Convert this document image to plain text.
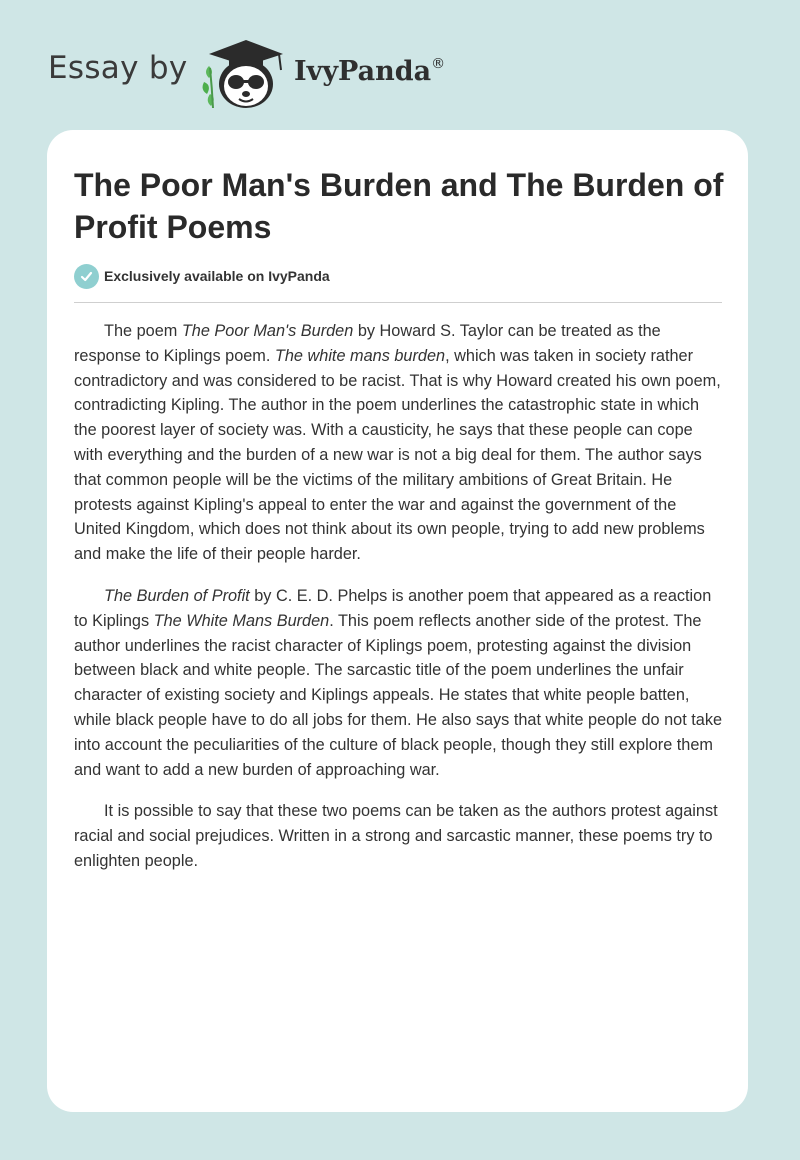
Essay by	IvyPanda®
The Poor Man's Burden and The Burden of Profit Poems
Exclusively available on IvyPanda

The poem The Poor Man's Burden by Howard S. Taylor can be treated as the response to Kiplings poem. The white mans burden, which was taken in society rather contradictory and was considered to be racist. That is why Howard created his own poem, contradicting Kipling. The author in the poem underlines the catastrophic state in which the poorest layer of society was. With a causticity, he says that these people can cope with everything and the burden of a new war is not a big deal for them. The author says that common people will be the victims of the military ambitions of Great Britain. He protests against Kipling's appeal to enter the war and against the government of the United Kingdom, which does not think about its own people, trying to add new problems and make the life of their people harder.

The Burden of Profit by C. E. D. Phelps is another poem that appeared as a reaction to Kiplings The White Mans Burden. This poem reflects another side of the protest. The author underlines the racist character of Kiplings poem, protesting against the division between black and white people. The sarcastic title of the poem underlines the unfair character of existing society and Kiplings appeals. He states that white people batten, while black people have to do all jobs for them. He also says that white people do not take into account the peculiarities of the culture of black people, though they still explore them and want to add a new burden of approaching war.

It is possible to say that these two poems can be taken as the authors protest against racial and social prejudices. Written in a strong and sarcastic manner, these poems try to enlighten people.
